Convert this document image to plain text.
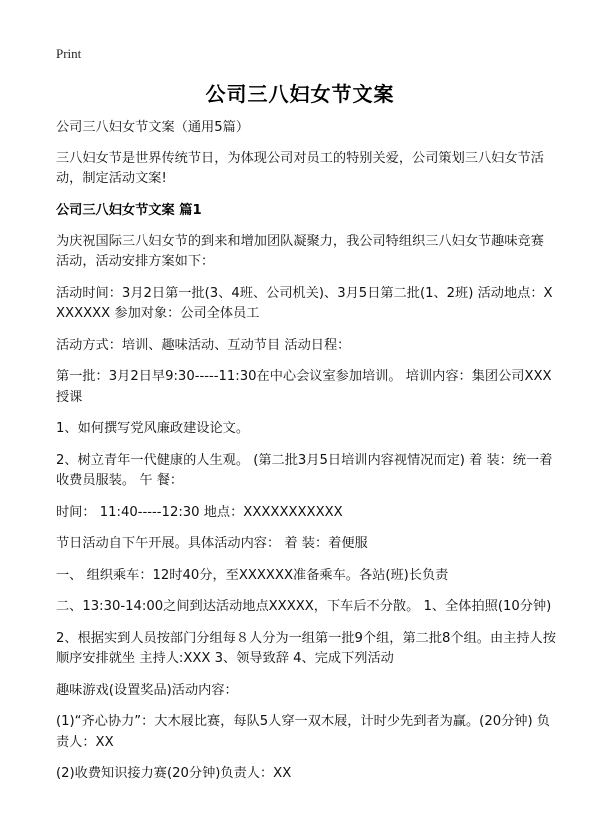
Print
公司三八妇女节文案

公司三八妇女节文案（通用5篇）

三八妇女节是世界传统节日，为体现公司对员工的特别关爱，公司策划三八妇女节活动，制定活动文案!

公司三八妇女节文案 篇1

为庆祝国际三八妇女节的到来和增加团队凝聚力，我公司特组织三八妇女节趣味竞赛活动，活动安排方案如下：

活动时间：3月2日第一批(3、4班、公司机关)、3月5日第二批(1、2班) 活动地点：XXXXXXX 参加对象：公司全体员工

活动方式：培训、趣味活动、互动节目 活动日程：

第一批：3月2日早9:30-----11:30在中心会议室参加培训。 培训内容：集团公司XXX授课

1、如何撰写党风廉政建设论文。

2、树立青年一代健康的人生观。 (第二批3月5日培训内容视情况而定) 着 装：统一着收费员服装。 午 餐：

时间： 11:40-----12:30 地点：XXXXXXXXXXX

节日活动自下午开展。具体活动内容： 着 装：着便服

一、 组织乘车：12时40分，至XXXXXX准备乘车。各站(班)长负责

二、13:30-14:00之间到达活动地点XXXXX，下车后不分散。 1、全体拍照(10分钟)

2、根据实到人员按部门分组每８人分为一组第一批9个组，第二批8个组。由主持人按顺序安排就坐 主持人:XXX 3、领导致辞 4、完成下列活动

趣味游戏(设置奖品)活动内容：

(1)“齐心协力”：大木屐比赛，每队5人穿一双木屐，计时少先到者为赢。(20分钟) 负责人：XX

(2)收费知识接力赛(20分钟)负责人：XX
